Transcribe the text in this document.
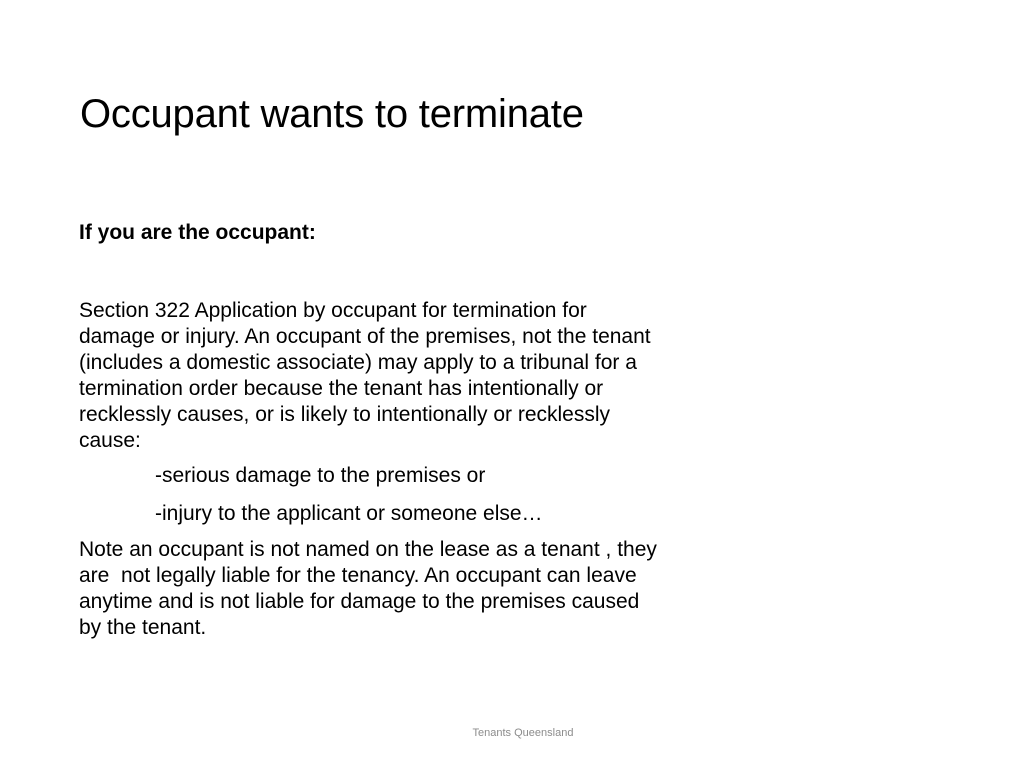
Occupant wants to terminate

If you are the occupant:

Section 322 Application by occupant for termination for
damage or injury. An occupant of the premises, not the tenant
(includes a domestic associate) may apply to a tribunal for a
termination order because the tenant has intentionally or
recklessly causes, or is likely to intentionally or recklessly
cause:

-serious damage to the premises or

-injury to the applicant or someone else…

Note an occupant is not named on the lease as a tenant , they
are  not legally liable for the tenancy. An occupant can leave
anytime and is not liable for damage to the premises caused
by the tenant.

Tenants Queensland
